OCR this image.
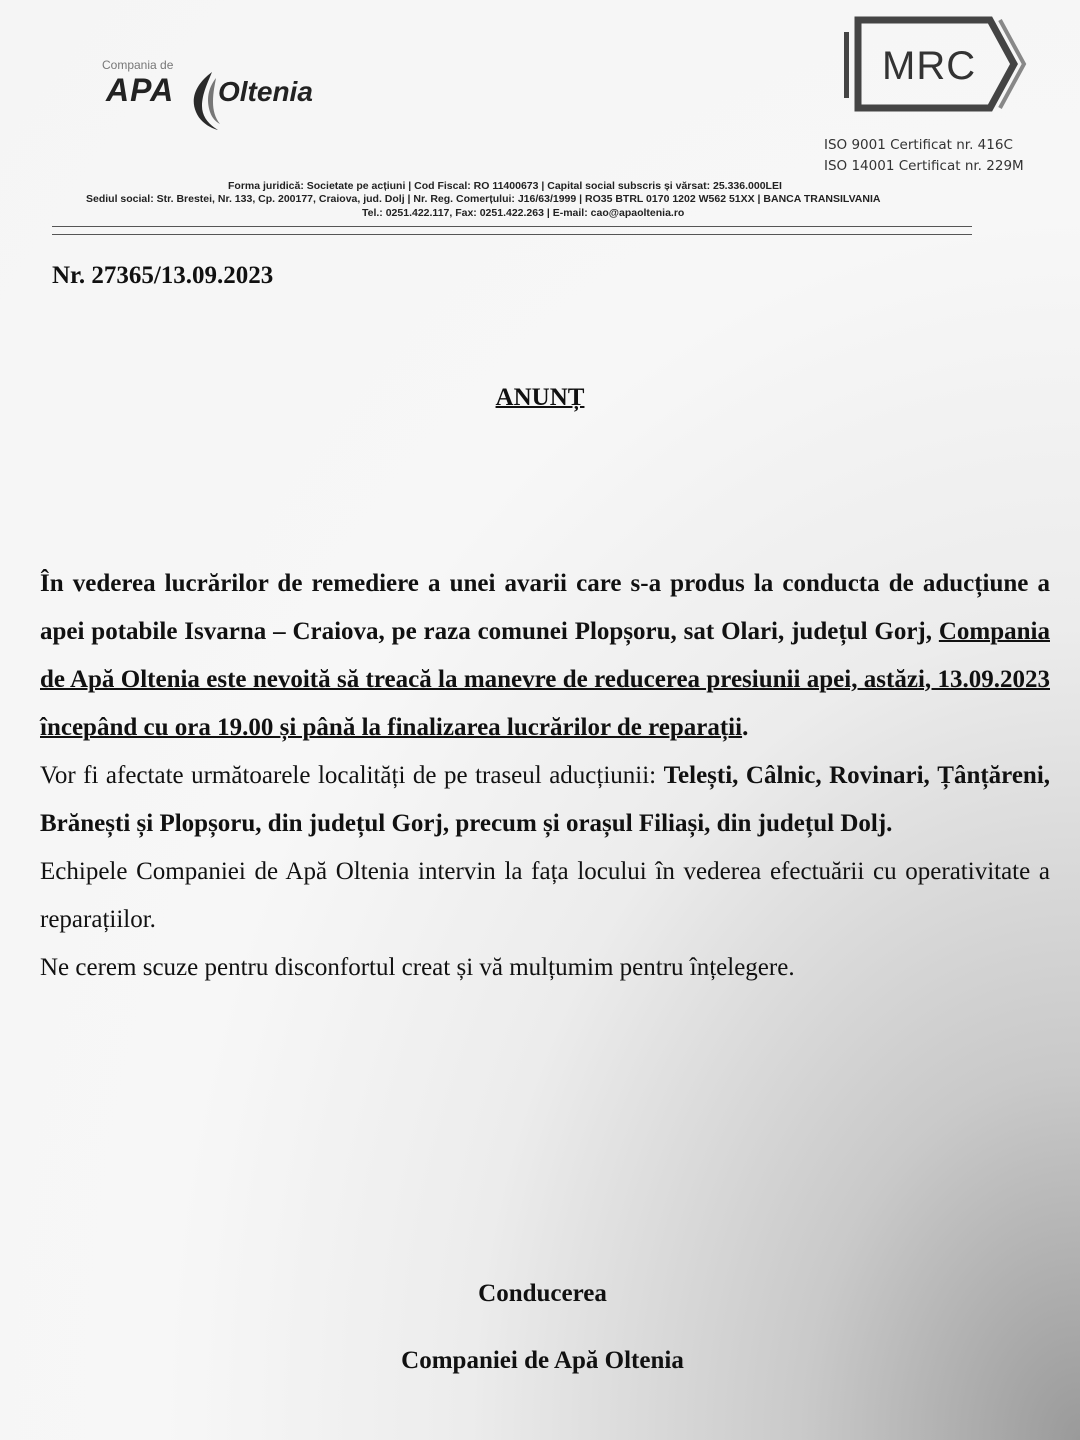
Compania de
APA Oltenia
MRC
ISO 9001 Certificat nr. 416C
ISO 14001 Certificat nr. 229M
Forma juridică: Societate pe acțiuni | Cod Fiscal: RO 11400673 | Capital social subscris și vărsat: 25.336.000LEI
Sediul social: Str. Brestei, Nr. 133, Cp. 200177, Craiova, jud. Dolj | Nr. Reg. Comerțului: J16/63/1999 | RO35 BTRL 0170 1202 W562 51XX | BANCA TRANSILVANIA
Tel.: 0251.422.117, Fax: 0251.422.263 | E-mail: cao@apaoltenia.ro
Nr. 27365/13.09.2023
ANUNȚ

În vederea lucrărilor de remediere a unei avarii care s-a produs la conducta de aducțiune a apei potabile Isvarna – Craiova, pe raza comunei Plopșoru, sat Olari, județul Gorj, Compania de Apă Oltenia este nevoită să treacă la manevre de reducerea presiunii apei, astăzi, 13.09.2023 începând cu ora 19.00 și până la finalizarea lucrărilor de reparații.

Vor fi afectate următoarele localități de pe traseul aducțiunii: Telești, Câlnic, Rovinari, Țânțăreni, Brănești și Plopșoru, din județul Gorj, precum și orașul Filiași, din județul Dolj.

Echipele Companiei de Apă Oltenia intervin la fața locului în vederea efectuării cu operativitate a reparațiilor.

Ne cerem scuze pentru disconfortul creat și vă mulțumim pentru înțelegere.

Conducerea
Companiei de Apă Oltenia
